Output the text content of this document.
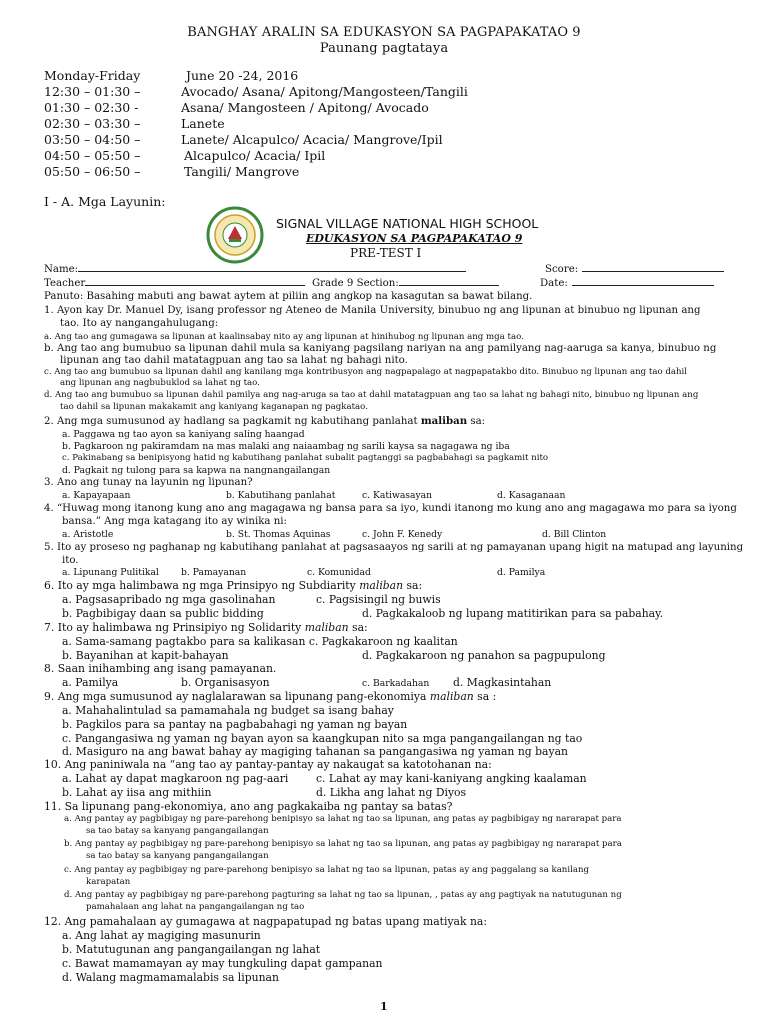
BANGHAY ARALIN SA EDUKASYON SA PAGPAPAKATAO 9
Paunang pagtataya
Monday-Friday	June 20 -24, 2016
12:30 – 01:30 –	Avocado/ Asana/ Apitong/Mangosteen/Tangili
01:30 – 02:30 -	Asana/ Mangosteen / Apitong/ Avocado
02:30 – 03:30 –	Lanete
03:50 – 04:50 –	Lanete/ Alcapulco/ Acacia/ Mangrove/Ipil
04:50 – 05:50 –	Alcapulco/ Acacia/ Ipil
05:50 – 06:50 –	Tangili/ Mangrove
I - A. Mga Layunin:
SIGNAL VILLAGE NATIONAL HIGH SCHOOL
EDUKASYON SA PAGPAPAKATAO 9
PRE-TEST I
Name:	Score:
Teacher	Grade 9 Section:	Date:
Panuto: Basahing mabuti ang bawat aytem at piliin ang angkop na kasagutan sa bawat bilang.
1. Ayon kay Dr. Manuel Dy, isang professor ng Ateneo de Manila University, binubuo ng ang lipunan at binubuo ng lipunan ang
tao. Ito ay nangangahulugang:
a. Ang tao ang gumagawa sa lipunan at kaalinsabay nito ay ang lipunan at hinihubog ng lipunan ang mga tao.
b. Ang tao ang bumubuo sa lipunan dahil mula sa kaniyang pagsilang nariyan na ang pamilyang nag-aaruga sa kanya, binubuo ng
lipunan ang tao dahil matatagpuan ang tao sa lahat ng bahagi nito.
c. Ang tao ang bumubuo sa lipunan dahil ang kanilang mga kontribusyon ang nagpapalago at nagpapatakbo dito. Binubuo ng lipunan ang tao dahil
ang lipunan ang nagbubuklod sa lahat ng tao.
d. Ang tao ang bumubuo sa lipunan dahil pamilya ang nag-aruga sa tao at dahil matatagpuan ang tao sa lahat ng bahagi nito, binubuo ng lipunan ang
tao dahil sa lipunan makakamit ang kaniyang kaganapan ng pagkatao.
2. Ang mga sumusunod ay hadlang sa pagkamit ng kabutihang panlahat maliban sa:
a. Paggawa ng tao ayon sa kaniyang saling haangad
b. Pagkaroon ng pakiramdam na mas malaki ang naiaambag ng sarili kaysa sa nagagawa ng iba
c. Pakinabang sa benipisyong hatid ng kabutihang panlahat subalit pagtanggi sa pagbabahagi sa pagkamit nito
d. Pagkait ng tulong para sa kapwa na nangnangailangan
3. Ano ang tunay na layunin ng lipunan?
a. Kapayapaan	b. Kabutihang panlahat	c. Katiwasayan	d. Kasaganaan
4. “Huwag mong itanong kung ano ang magagawa ng bansa para sa iyo, kundi itanong mo kung ano ang magagawa mo para sa iyong
bansa.” Ang mga katagang ito ay winika ni:
a. Aristotle	b. St. Thomas Aquinas	c. John F. Kenedy	d. Bill Clinton
5. Ito ay proseso ng paghanap ng kabutihang panlahat at pagsasaayos ng sarili at ng pamayanan upang higit na matupad ang layuning
ito.
a. Lipunang Pulitikal b. Pamayanan	c. Komunidad	d. Pamilya
6. Ito ay mga halimbawa ng mga Prinsipyo ng Subdiarity maliban sa:
a. Pagsasapribado ng mga gasolinahan	c. Pagsisingil ng buwis
b. Pagbibigay daan sa public bidding	d. Pagkakaloob ng lupang matitirikan para sa pabahay.
7. Ito ay halimbawa ng Prinsipiyo ng Solidarity maliban sa:
a. Sama-samang pagtakbo para sa kalikasan c. Pagkakaroon ng kaalitan
b. Bayanihan at kapit-bahayan	d. Pagkakaroon ng panahon sa pagpupulong
8. Saan inihambing ang isang pamayanan.
a. Pamilya	b. Organisasyon	c. Barkadahan d. Magkasintahan
9. Ang mga sumusunod ay naglalarawan sa lipunang pang-ekonomiya maliban sa :
a. Mahahalintulad sa pamamahala ng budget sa isang bahay
b. Pagkilos para sa pantay na pagbabahagi ng yaman ng bayan
c. Pangangasiwa ng yaman ng bayan ayon sa kaangkupan nito sa mga pangangailangan ng tao
d. Masiguro na ang bawat bahay ay magiging tahanan sa pangangasiwa ng yaman ng bayan
10. Ang paniniwala na “ang tao ay pantay-pantay ay nakaugat sa katotohanan na:
a. Lahat ay dapat magkaroon ng pag-aari	c. Lahat ay may kani-kaniyang angking kaalaman
b. Lahat ay iisa ang mithiin	d. Likha ang lahat ng Diyos
11. Sa lipunang pang-ekonomiya, ano ang pagkakaiba ng pantay sa batas?
a. Ang pantay ay pagbibigay ng pare-parehong benipisyo sa lahat ng tao sa lipunan, ang patas ay pagbibigay ng nararapat para
sa tao batay sa kanyang pangangailangan
b. Ang pantay ay pagbibigay ng pare-parehong benipisyo sa lahat ng tao sa lipunan, ang patas ay pagbibigay ng nararapat para
sa tao batay sa kanyang pangangailangan
c. Ang pantay ay pagbibigay ng pare-parehong benipisyo sa lahat ng tao sa lipunan, patas ay ang paggalang sa kanilang
karapatan
d. Ang pantay ay pagbibigay ng pare-parehong pagturing sa lahat ng tao sa lipunan, , patas ay ang pagtiyak na natutugunan ng
pamahalaan ang lahat na pangangailangan ng tao
12. Ang pamahalaan ay gumagawa at nagpapatupad ng batas upang matiyak na:
a. Ang lahat ay magiging masunurin
b. Matutugunan ang pangangailangan ng lahat
c. Bawat mamamayan ay may tungkuling dapat gampanan
d. Walang magmamamalabis sa lipunan
1
